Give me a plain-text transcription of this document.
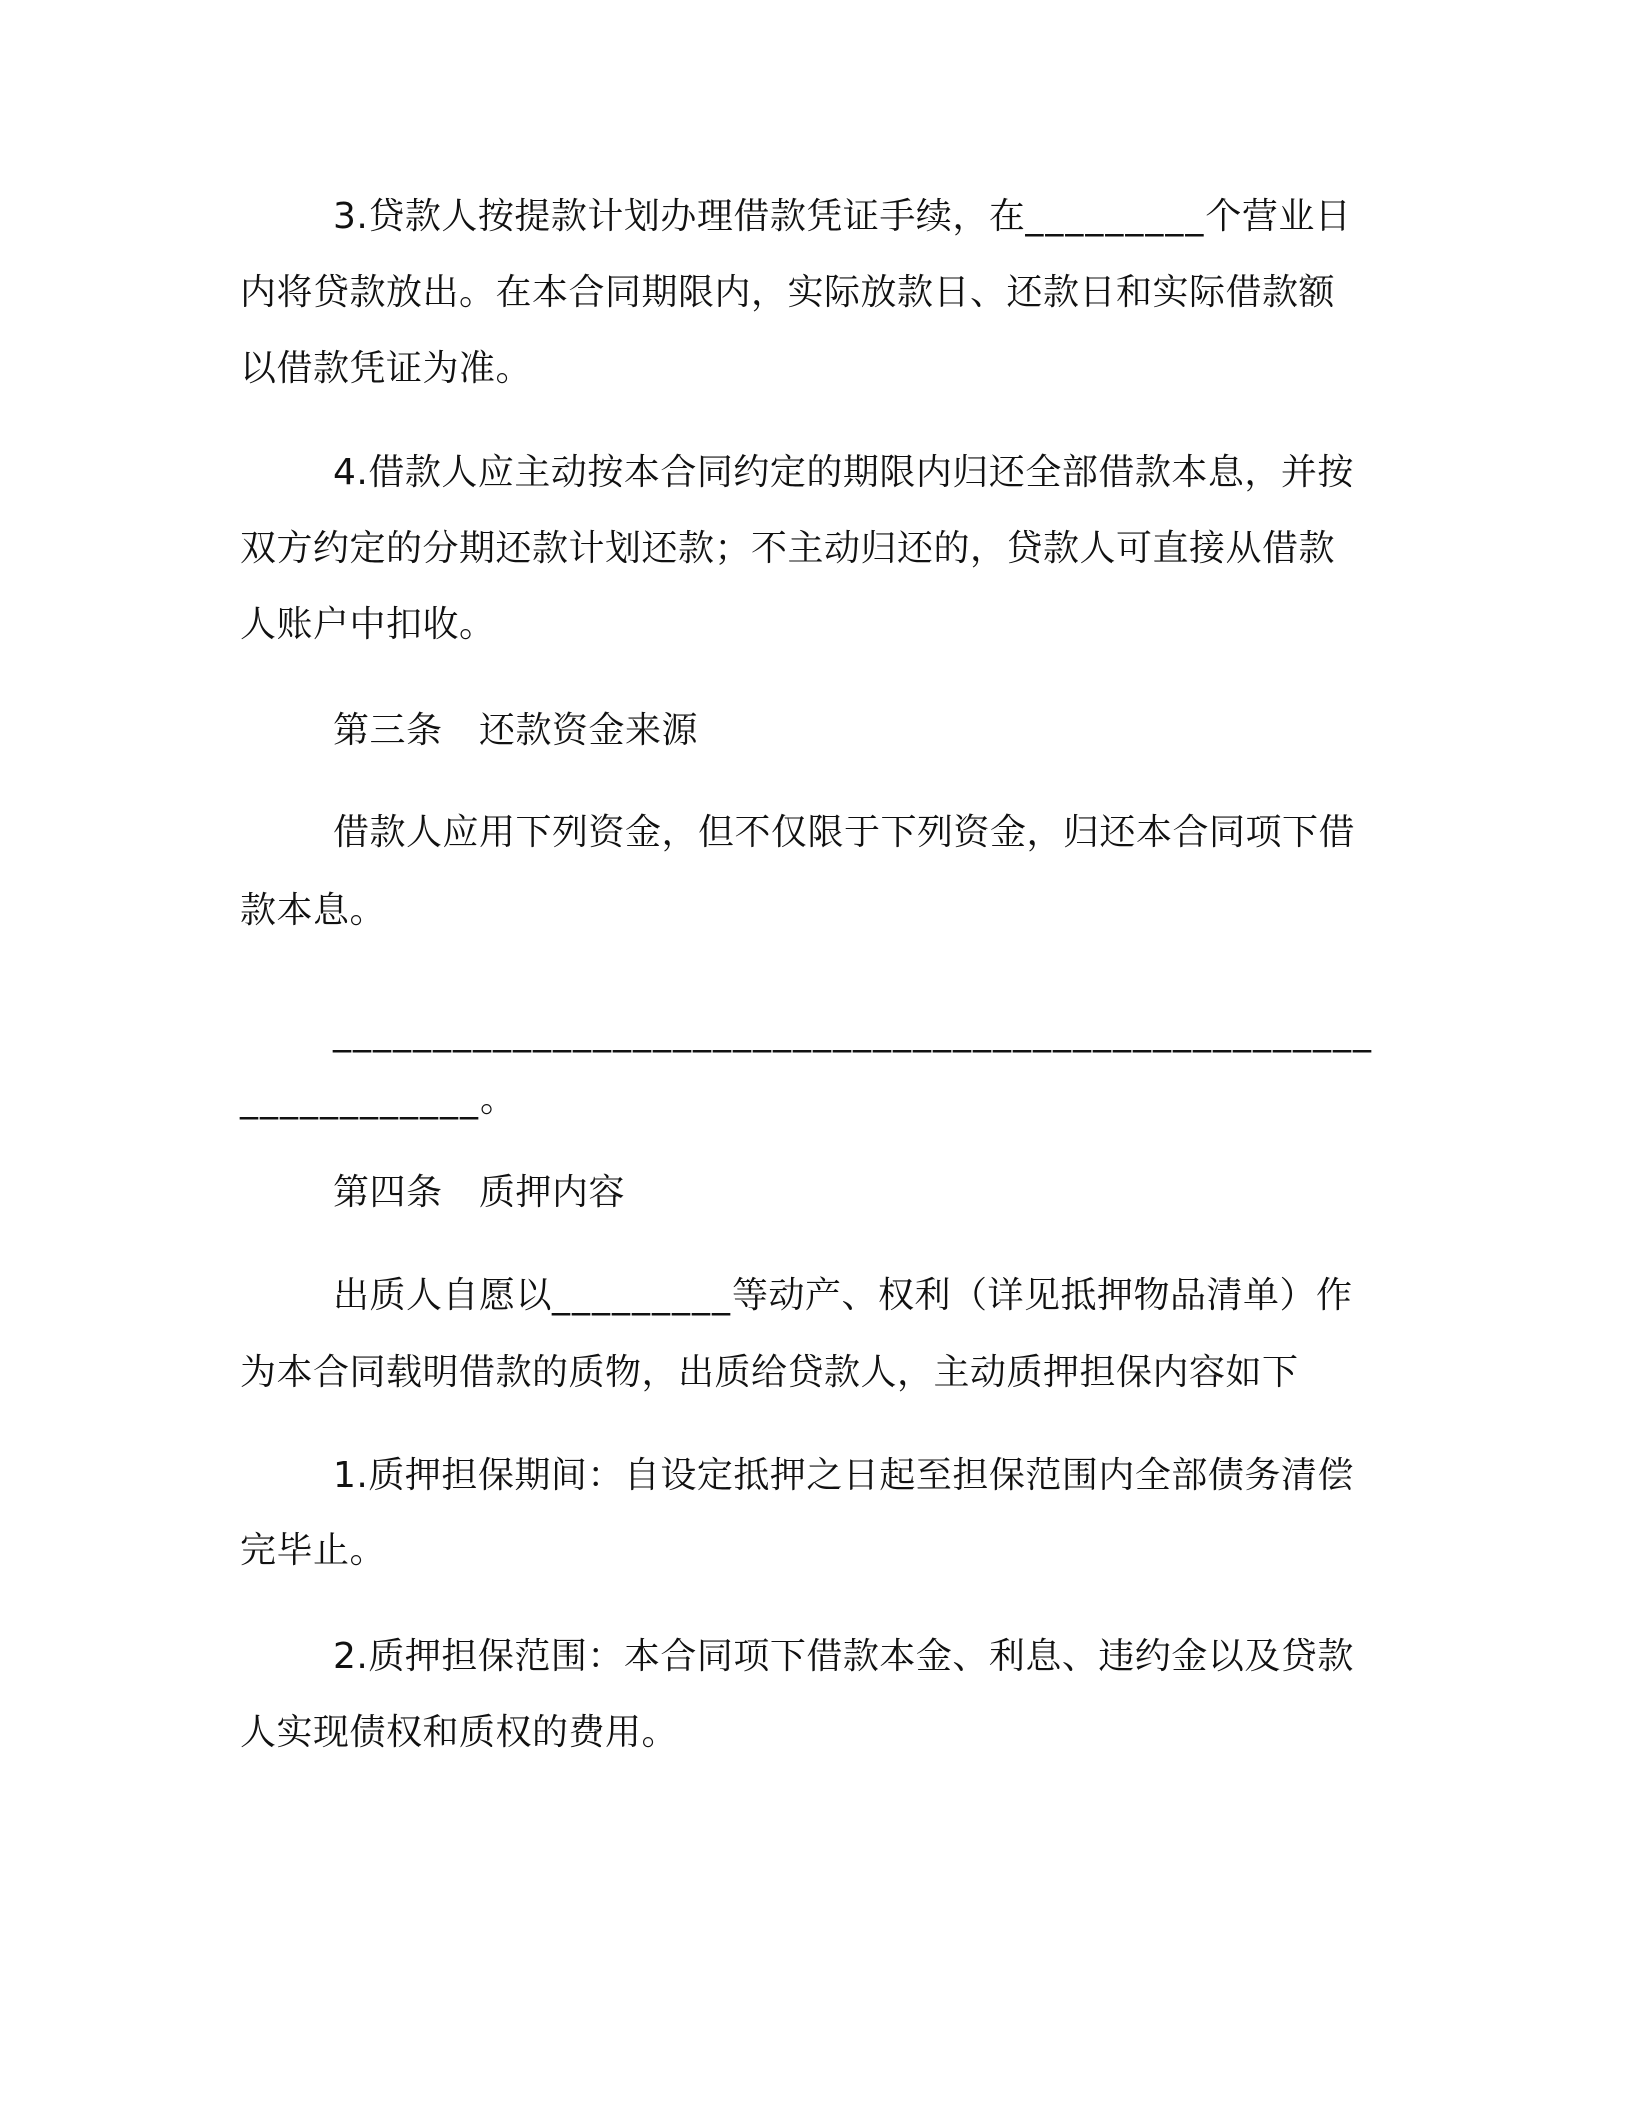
3.贷款人按提款计划办理借款凭证手续，在_________个营业日
内将贷款放出。在本合同期限内，实际放款日、还款日和实际借款额
以借款凭证为准。
4.借款人应主动按本合同约定的期限内归还全部借款本息，并按
双方约定的分期还款计划还款；不主动归还的，贷款人可直接从借款
人账户中扣收。
第三条　还款资金来源
借款人应用下列资金，但不仅限于下列资金，归还本合同项下借
款本息。
____________________________________________________
____________。
第四条　质押内容
出质人自愿以_________等动产、权利（详见抵押物品清单）作
为本合同载明借款的质物，出质给贷款人，主动质押担保内容如下
1.质押担保期间：自设定抵押之日起至担保范围内全部债务清偿
完毕止。
2.质押担保范围：本合同项下借款本金、利息、违约金以及贷款
人实现债权和质权的费用。
